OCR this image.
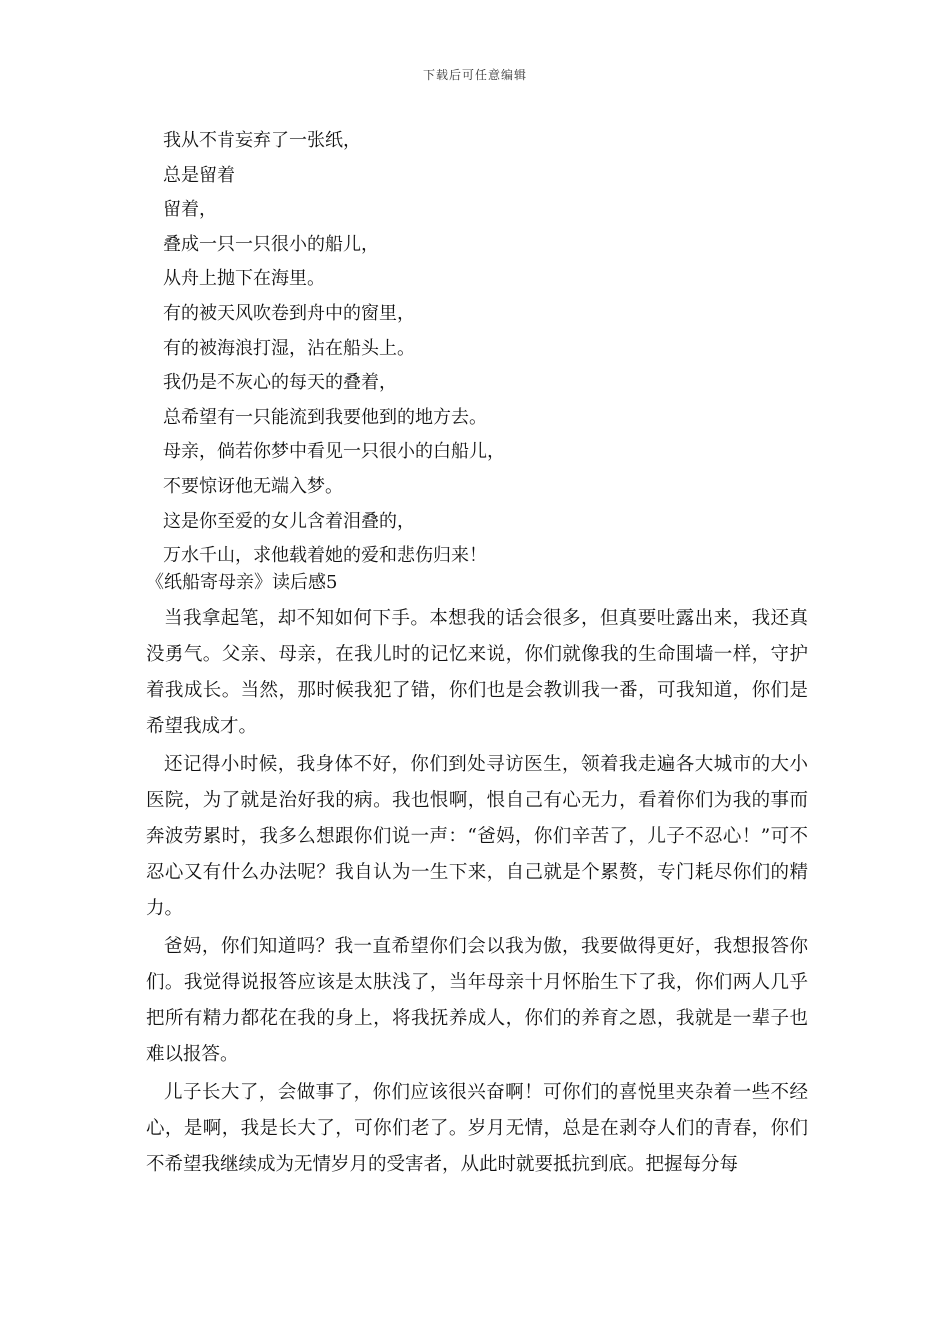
下载后可任意编辑
我从不肯妄弃了一张纸，
总是留着
留着，
叠成一只一只很小的船儿，
从舟上抛下在海里。
有的被天风吹卷到舟中的窗里，
有的被海浪打湿，沾在船头上。
我仍是不灰心的每天的叠着，
总希望有一只能流到我要他到的地方去。
母亲，倘若你梦中看见一只很小的白船儿，
不要惊讶他无端入梦。
这是你至爱的女儿含着泪叠的，
万水千山，求他载着她的爱和悲伤归来！
《纸船寄母亲》读后感5

当我拿起笔，却不知如何下手。本想我的话会很多，但真要吐露出来，我还真没勇气。父亲、母亲，在我儿时的记忆来说，你们就像我的生命围墙一样，守护着我成长。当然，那时候我犯了错，你们也是会教训我一番，可我知道，你们是希望我成才。

还记得小时候，我身体不好，你们到处寻访医生，领着我走遍各大城市的大小医院，为了就是治好我的病。我也恨啊，恨自己有心无力，看着你们为我的事而奔波劳累时，我多么想跟你们说一声：“爸妈，你们辛苦了，儿子不忍心！”可不忍心又有什么办法呢？我自认为一生下来，自己就是个累赘，专门耗尽你们的精力。

爸妈，你们知道吗？我一直希望你们会以我为傲，我要做得更好，我想报答你们。我觉得说报答应该是太肤浅了，当年母亲十月怀胎生下了我，你们两人几乎把所有精力都花在我的身上，将我抚养成人，你们的养育之恩，我就是一辈子也难以报答。

儿子长大了，会做事了，你们应该很兴奋啊！可你们的喜悦里夹杂着一些不经心，是啊，我是长大了，可你们老了。岁月无情，总是在剥夺人们的青春，你们不希望我继续成为无情岁月的受害者，从此时就要抵抗到底。把握每分每
